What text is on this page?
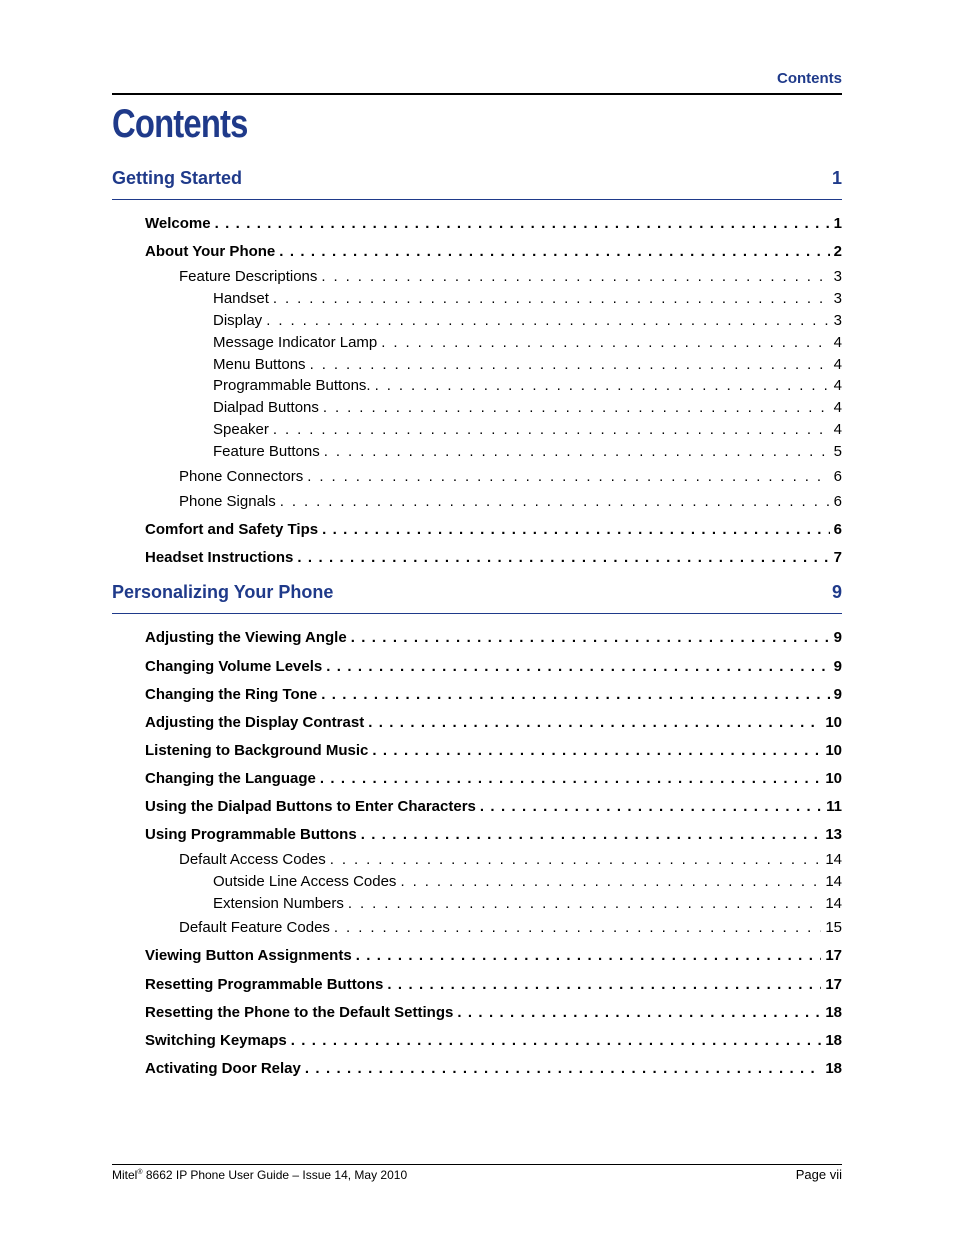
Contents
Contents
Getting Started	1
Welcome . . .	1
About Your Phone . . .	2
Feature Descriptions . . .	3
Handset . . .	3
Display . . .	3
Message Indicator Lamp . . .	4
Menu Buttons . . .	4
Programmable Buttons. . . .	4
Dialpad Buttons . . .	4
Speaker . . .	4
Feature Buttons . . .	5
Phone Connectors . . .	6
Phone Signals . . .	6
Comfort and Safety Tips . . .	6
Headset Instructions . . .	7
Personalizing Your Phone	9
Adjusting the Viewing Angle . . .	9
Changing Volume Levels . . .	9
Changing the Ring Tone . . .	9
Adjusting the Display Contrast . . .	10
Listening to Background Music . . .	10
Changing the Language . . .	10
Using the Dialpad Buttons to Enter Characters . . .	11
Using Programmable Buttons . . .	13
Default Access Codes . . .	14
Outside Line Access Codes . . .	14
Extension Numbers . . .	14
Default Feature Codes . . .	15
Viewing Button Assignments . . .	17
Resetting Programmable Buttons . . .	17
Resetting the Phone to the Default Settings . . .	18
Switching Keymaps . . .	18
Activating Door Relay . . .	18
Mitel® 8662 IP Phone User Guide – Issue 14, May 2010	Page vii
